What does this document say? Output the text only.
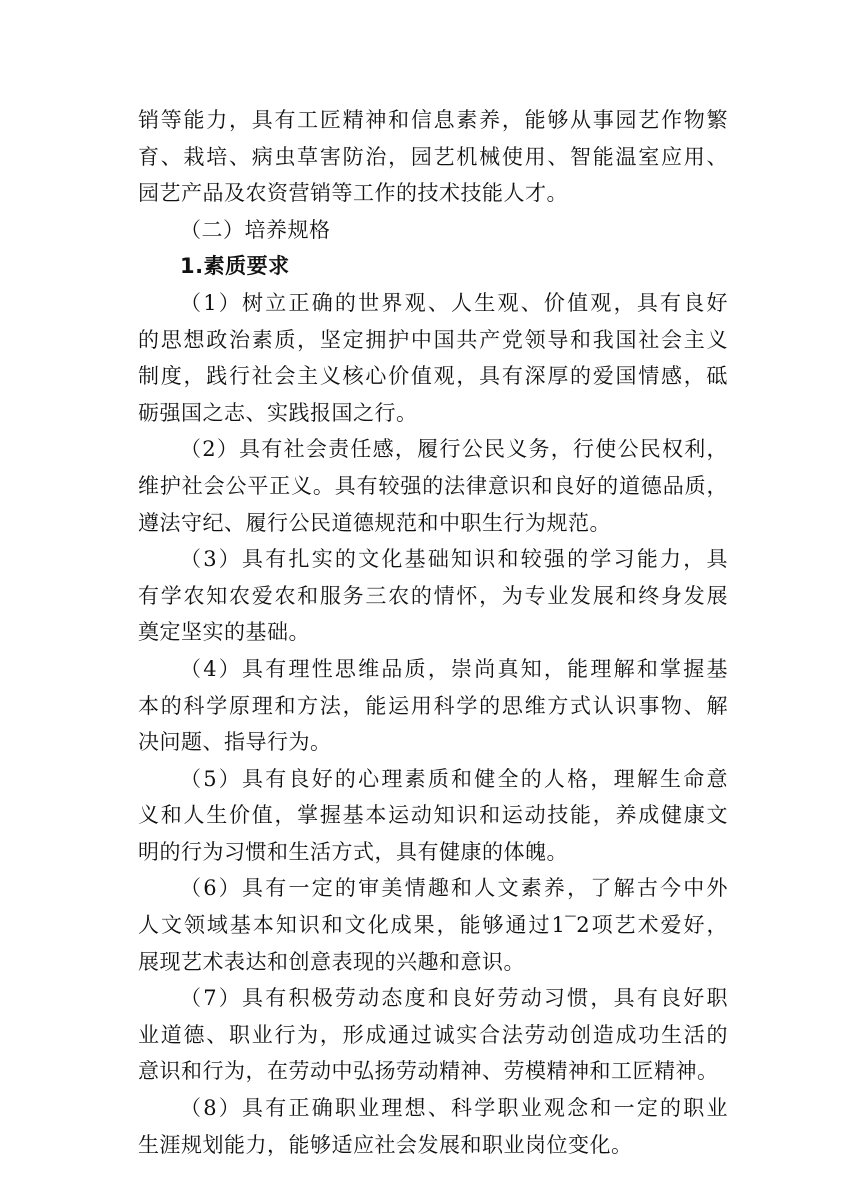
销等能力，具有工匠精神和信息素养，能够从事园艺作物繁
育、栽培、病虫草害防治，园艺机械使用、智能温室应用、
园艺产品及农资营销等工作的技术技能人才。
（二）培养规格
1.素质要求
（1）树立正确的世界观、人生观、价值观，具有良好
的思想政治素质，坚定拥护中国共产党领导和我国社会主义
制度，践行社会主义核心价值观，具有深厚的爱国情感，砥
砺强国之志、实践报国之行。
（2）具有社会责任感，履行公民义务，行使公民权利，
维护社会公平正义。具有较强的法律意识和良好的道德品质，
遵法守纪、履行公民道德规范和中职生行为规范。
（3）具有扎实的文化基础知识和较强的学习能力，具
有学农知农爱农和服务三农的情怀，为专业发展和终身发展
奠定坚实的基础。
（4）具有理性思维品质，崇尚真知，能理解和掌握基
本的科学原理和方法，能运用科学的思维方式认识事物、解
决问题、指导行为。
（5）具有良好的心理素质和健全的人格，理解生命意
义和人生价值，掌握基本运动知识和运动技能，养成健康文
明的行为习惯和生活方式，具有健康的体魄。
（6）具有一定的审美情趣和人文素养，了解古今中外
人文领域基本知识和文化成果，能够通过1‾2项艺术爱好，
展现艺术表达和创意表现的兴趣和意识。
（7）具有积极劳动态度和良好劳动习惯，具有良好职
业道德、职业行为，形成通过诚实合法劳动创造成功生活的
意识和行为，在劳动中弘扬劳动精神、劳模精神和工匠精神。
（8）具有正确职业理想、科学职业观念和一定的职业
生涯规划能力，能够适应社会发展和职业岗位变化。
